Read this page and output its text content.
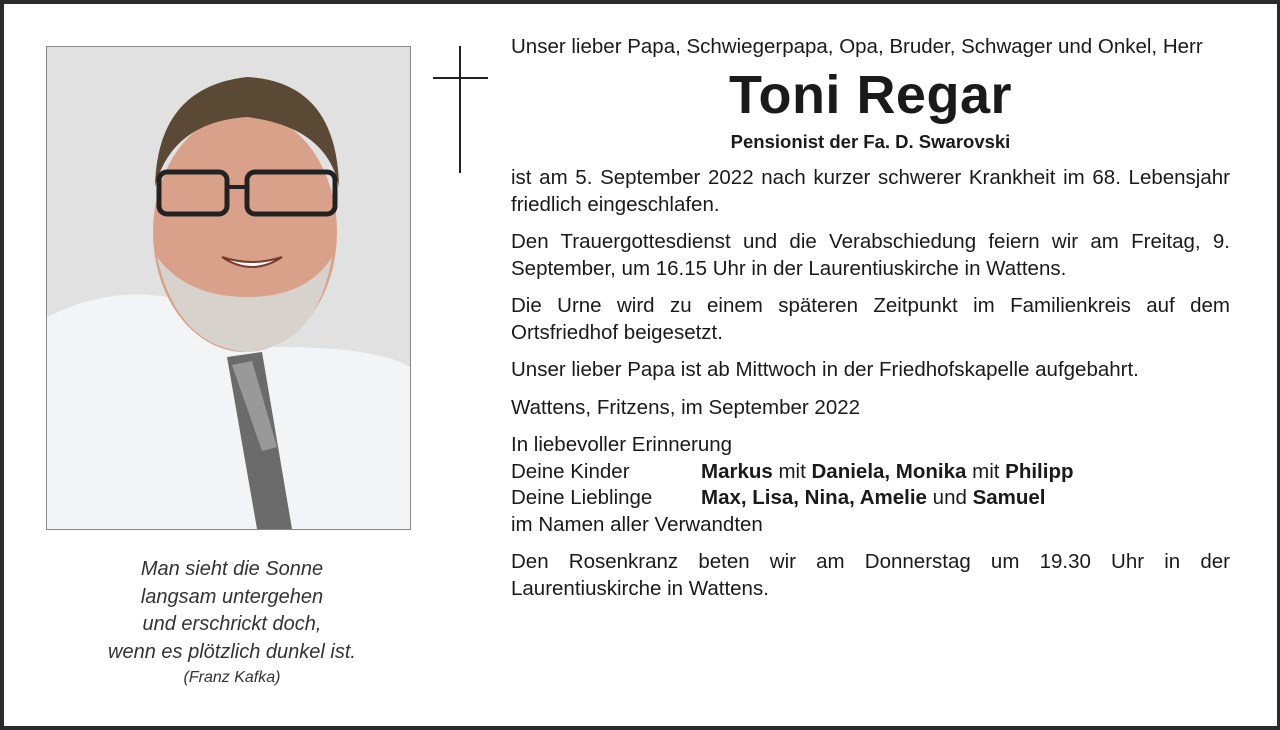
Man sieht die Sonne
langsam untergehen
und erschrickt doch,
wenn es plötzlich dunkel ist.
(Franz Kafka)

Unser lieber Papa, Schwiegerpapa, Opa, Bruder, Schwager und Onkel, Herr

Toni Regar
Pensionist der Fa. D. Swarovski

ist am 5. September 2022 nach kurzer schwerer Krankheit im 68. Lebensjahr friedlich eingeschlafen.

Den Trauergottesdienst und die Verabschiedung feiern wir am Freitag, 9. September, um 16.15 Uhr in der Laurentiuskirche in Wattens.

Die Urne wird zu einem späteren Zeitpunkt im Familienkreis auf dem Ortsfriedhof beigesetzt.

Unser lieber Papa ist ab Mittwoch in der Friedhofskapelle aufgebahrt.

Wattens, Fritzens, im September 2022

In liebevoller Erinnerung
Deine Kinder	Markus mit Daniela, Monika mit Philipp
Deine Lieblinge	Max, Lisa, Nina, Amelie und Samuel

im Namen aller Verwandten

Den Rosenkranz beten wir am Donnerstag um 19.30 Uhr in der Laurentiuskirche in Wattens.
